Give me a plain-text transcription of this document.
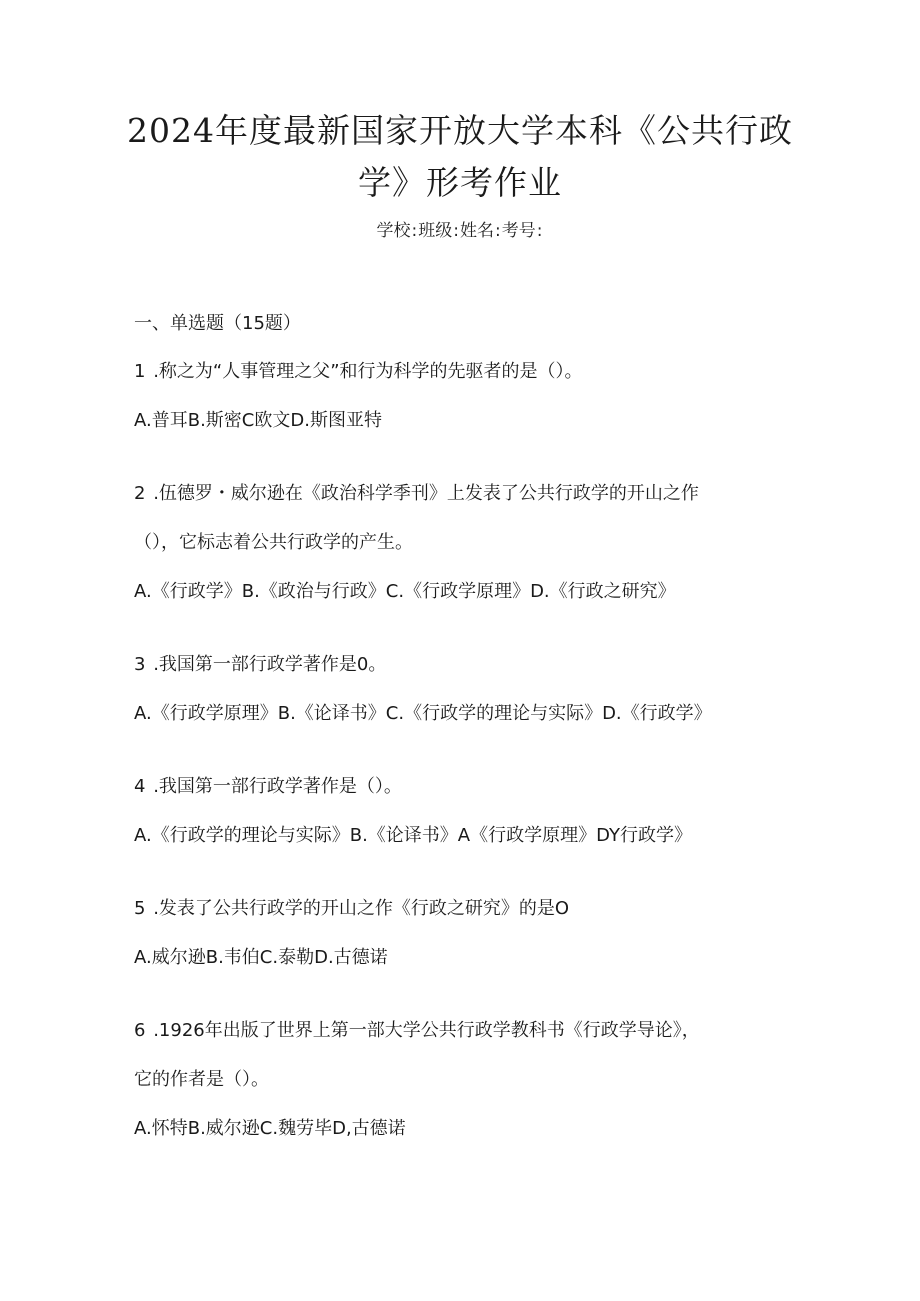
2024年度最新国家开放大学本科《公共行政
学》形考作业
学校:班级:姓名:考号:
一、单选题（15题）
1 .称之为“人事管理之父”和行为科学的先驱者的是（）。
A.普耳B.斯密C欧文D.斯图亚特
2 .伍德罗・威尔逊在《政治科学季刊》上发表了公共行政学的开山之作
（），它标志着公共行政学的产生。
A.《行政学》B.《政治与行政》C.《行政学原理》D.《行政之研究》
3 .我国第一部行政学著作是0。
A.《行政学原理》B.《论译书》C.《行政学的理论与实际》D.《行政学》
4 .我国第一部行政学著作是（）。
A.《行政学的理论与实际》B.《论译书》A《行政学原理》DY行政学》
5 .发表了公共行政学的开山之作《行政之研究》的是O
A.威尔逊B.韦伯C.泰勒D.古德诺
6 .1926年出版了世界上第一部大学公共行政学教科书《行政学导论》，
它的作者是（）。
A.怀特B.威尔逊C.魏劳毕D,古德诺
